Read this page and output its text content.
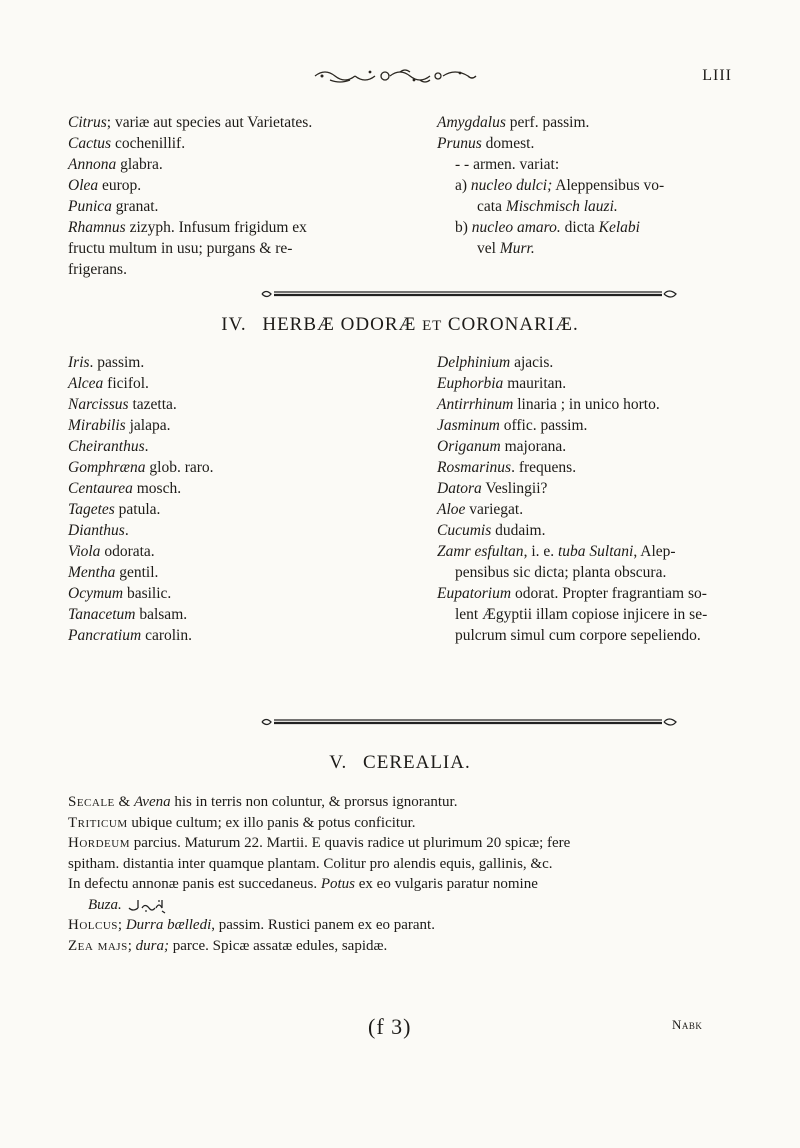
LIII
Citrus; variæ aut species aut Varietates.
Cactus cochenillif.
Annona glabra.
Olea europ.
Punica granat.
Rhamnus zizyph. Infusum frigidum ex
fructu multum in usu; purgans & re-
frigerans.
Amygdalus perf. passim.
Prunus domest.
- - armen. variat:
a) nucleo dulci; Aleppensibus vo-
cata Mischmisch lauzi.
b) nucleo amaro. dicta Kelabi
vel Murr.
IV. HERBÆ ODORÆ ET CORONARIÆ.
Iris. passim.
Alcea ficifol.
Narcissus tazetta.
Mirabilis jalapa.
Cheiranthus.
Gomphræna glob. raro.
Centaurea mosch.
Tagetes patula.
Dianthus.
Viola odorata.
Mentha gentil.
Ocymum basilic.
Tanacetum balsam.
Pancratium carolin.
Delphinium ajacis.
Euphorbia mauritan.
Antirrhinum linaria ; in unico horto.
Jasminum offic. passim.
Origanum majorana.
Rosmarinus. frequens.
Datora Veslingii?
Aloe variegat.
Cucumis dudaim.
Zamr esfultan, i. e. tuba Sultani, Alep-
pensibus sic dicta; planta obscura.
Eupatorium odorat. Propter fragrantiam so-
lent Ægyptii illam copiose injicere in se-
pulcrum simul cum corpore sepeliendo.
V. CEREALIA.
Secale & Avena his in terris non coluntur, & prorsus ignorantur.
Triticum ubique cultum; ex illo panis & potus conficitur.
Hordeum parcius. Maturum 22. Martii. E quavis radice ut plurimum 20 spicæ; fere
spitham. distantia inter quamque plantam. Colitur pro alendis equis, gallinis, &c.
In defectu annonæ panis est succedaneus. Potus ex eo vulgaris paratur nomine
Buza.
Holcus; Durra bælledi, passim. Rustici panem ex eo parant.
Zea majs; dura; parce. Spicæ assatæ edules, sapidæ.
(f 3)	Nabk
